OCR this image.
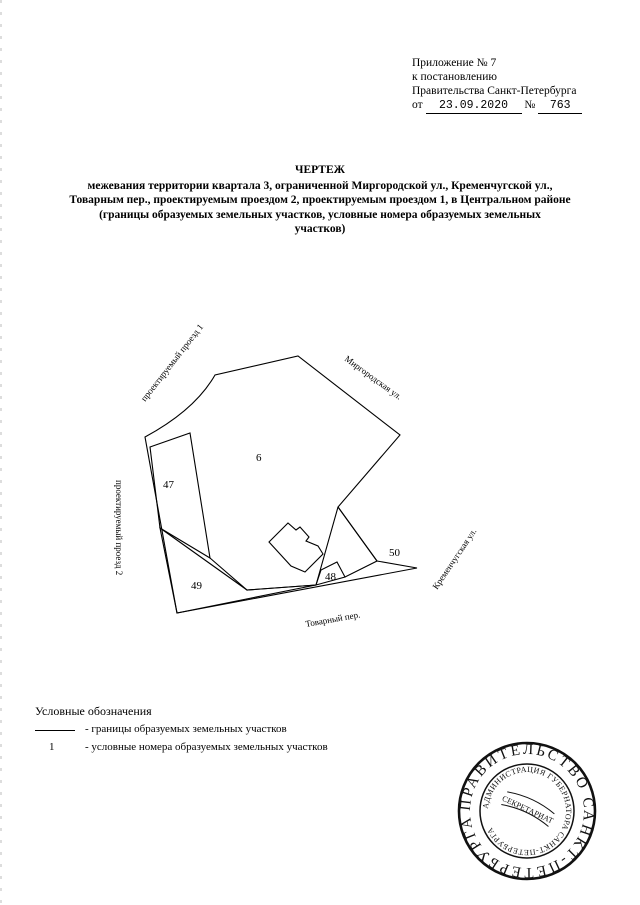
Приложение № 7
к постановлению
Правительства Санкт-Петербурга
от 23.09.2020 № 763
ЧЕРТЕЖ
межевания территории квартала 3, ограниченной Миргородской ул., Кременчугской ул.,
Товарным пер., проектируемым проездом 2, проектируемым проездом 1, в Центральном районе
(границы образуемых земельных участков, условные номера образуемых земельных
участков)
проектируемый проезд 1	Миргородская ул.
проектируемый проезд 2	Кременчугская ул.
Товарный пер.
6
47
49
48
50
ПРАВИТЕЛЬСТВО САНКТ-ПЕТЕРБУРГА
АДМИНИСТРАЦИЯ ГУБЕРНАТОРА САНКТ-ПЕТЕРБУРГА
СЕКРЕТАРИАТ
Условные обозначения
- границы образуемых земельных участков
1	- условные номера образуемых земельных участков
